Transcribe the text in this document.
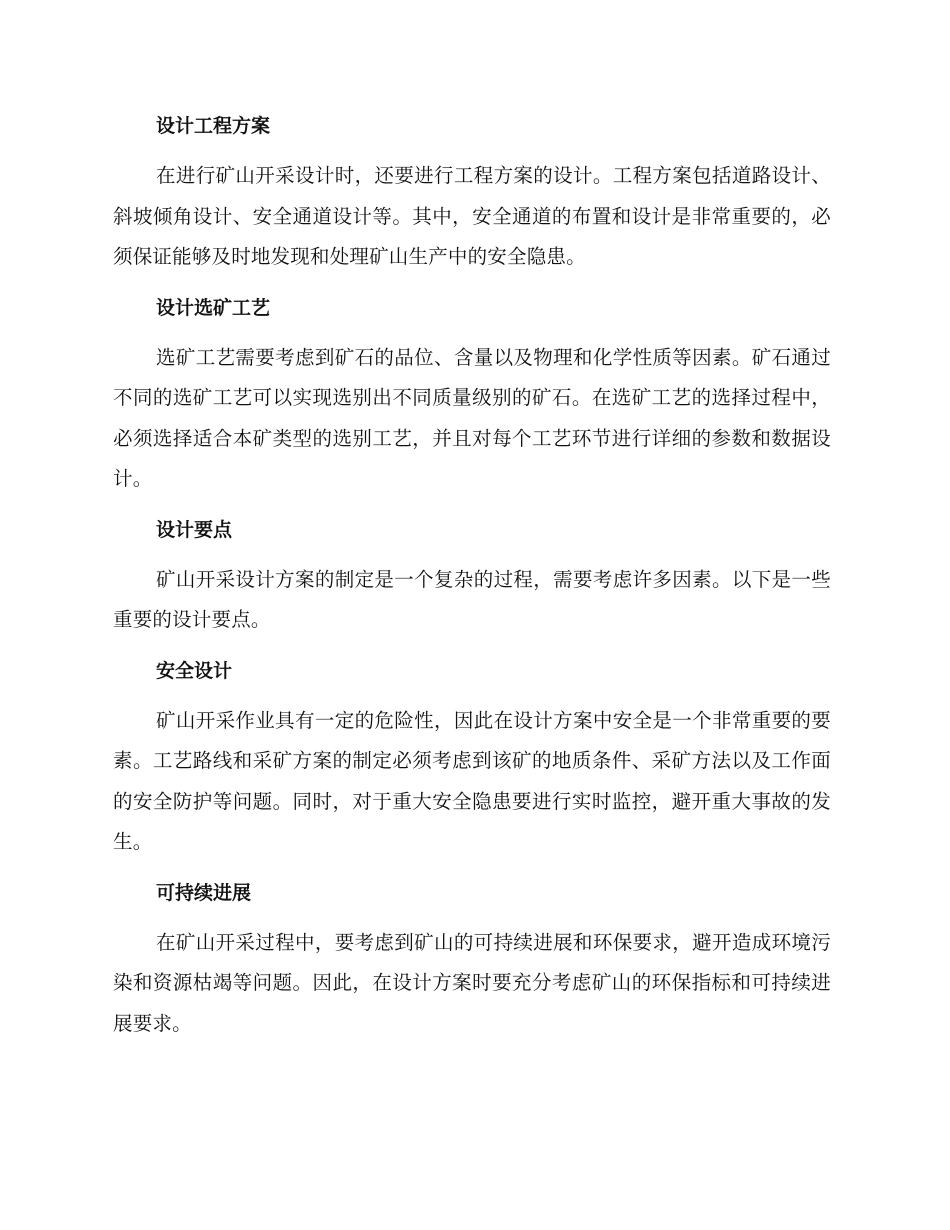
设计工程方案

在进行矿山开采设计时，还要进行工程方案的设计。工程方案包括道路设计、斜坡倾角设计、安全通道设计等。其中，安全通道的布置和设计是非常重要的，必须保证能够及时地发现和处理矿山生产中的安全隐患。

设计选矿工艺

选矿工艺需要考虑到矿石的品位、含量以及物理和化学性质等因素。矿石通过不同的选矿工艺可以实现选别出不同质量级别的矿石。在选矿工艺的选择过程中，必须选择适合本矿类型的选别工艺，并且对每个工艺环节进行详细的参数和数据设计。

设计要点

矿山开采设计方案的制定是一个复杂的过程，需要考虑许多因素。以下是一些重要的设计要点。

安全设计

矿山开采作业具有一定的危险性，因此在设计方案中安全是一个非常重要的要素。工艺路线和采矿方案的制定必须考虑到该矿的地质条件、采矿方法以及工作面的安全防护等问题。同时，对于重大安全隐患要进行实时监控，避开重大事故的发生。

可持续进展

在矿山开采过程中，要考虑到矿山的可持续进展和环保要求，避开造成环境污染和资源枯竭等问题。因此，在设计方案时要充分考虑矿山的环保指标和可持续进展要求。
